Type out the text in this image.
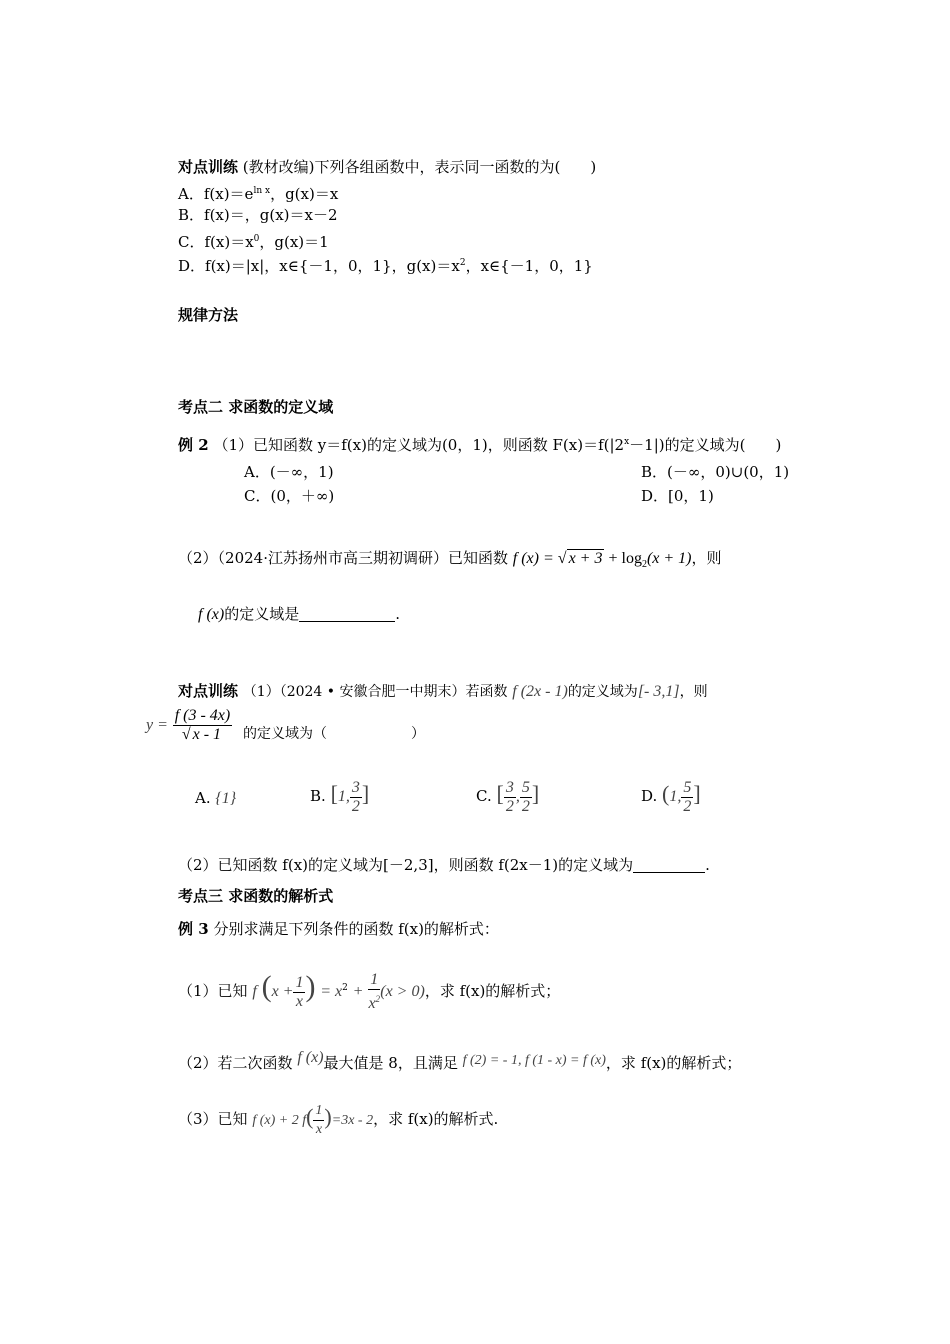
对点训练 (教材改编)下列各组函数中，表示同一函数的为(　　)
A．$f(x)=e^{ln x}$，g(x)＝x
B．f(x)＝，g(x)＝x－2
C．$f(x)=x^0$，g(x)＝1
D．f(x)＝|x|，x∈{－1，0，1}，$g(x)=x^2$，x∈{－1，0，1}
规律方法
考点二 求函数的定义域
例 2 （1）已知函数 y＝f(x)的定义域为(0，1)，则函数 $F(x)=f(|2^x-1|)$的定义域为(　　)
A．(－∞，1)	B．(－∞，0)∪(0，1)
C．(0，＋∞)	D．[0，1)
（2）（2024·江苏扬州市高三期初调研）已知函数 f (x) = √ $x + 3 + \log_2(x + 1)$，则
f (x)的定义域是	.
对点训练 （1）（2024 • 安徽合肥一中期末）若函数 f (2x - 1)的定义域为[- 3,1]，则
$y = \frac{f (3 - 4x)}{√ x - 1}$ 的定义域为（　　　　　　）
A. {1}	B. [1, $\frac{3}{2}$ ]	C. [ $\frac{3}{2}$ , $\frac{5}{2}$ ]	D. (1, $\frac{5}{2}$ ]
（2）已知函数 f(x)的定义域为[－2,3]，则函数 f(2x－1)的定义域为	.
考点三 求函数的解析式
例 3 分别求满足下列条件的函数 f(x)的解析式：
（1）已知 f ($x + \frac{1}{x}$ ) = $x^2 + \frac{1}{x^2} (x > 0)$，求 f(x)的解析式；
（2）若二次函数 f (x)最大值是 8，且满足 f (2) = - 1, f (1 - x) = f (x)，求 f(x)的解析式；
（3）已知 f (x) + 2 $f( \frac{1}{x} )=3x - 2$，求 f(x)的解析式.
